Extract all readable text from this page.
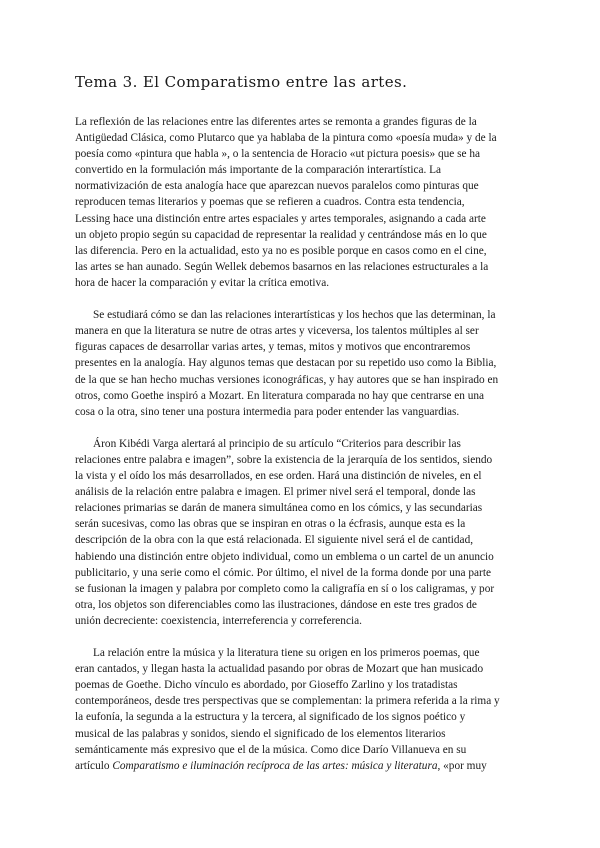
Tema 3. El Comparatismo entre las artes.

La reflexión de las relaciones entre las diferentes artes se remonta a grandes figuras de la
Antigüedad Clásica, como Plutarco que ya hablaba de la pintura como «poesía muda» y de la
poesía como «pintura que habla », o la sentencia de Horacio «ut pictura poesis» que se ha
convertido en la formulación más importante de la comparación interartística. La
normativización de esta analogía hace que aparezcan nuevos paralelos como pinturas que
reproducen temas literarios y poemas que se refieren a cuadros. Contra esta tendencia,
Lessing hace una distinción entre artes espaciales y artes temporales, asignando a cada arte
un objeto propio según su capacidad de representar la realidad y centrándose más en lo que
las diferencia. Pero en la actualidad, esto ya no es posible porque en casos como en el cine,
las artes se han aunado. Según Wellek debemos basarnos en las relaciones estructurales a la
hora de hacer la comparación y evitar la crítica emotiva.

Se estudiará cómo se dan las relaciones interartísticas y los hechos que las determinan, la
manera en que la literatura se nutre de otras artes y viceversa, los talentos múltiples al ser
figuras capaces de desarrollar varias artes, y temas, mitos y motivos que encontraremos
presentes en la analogía. Hay algunos temas que destacan por su repetido uso como la Biblia,
de la que se han hecho muchas versiones iconográficas, y hay autores que se han inspirado en
otros, como Goethe inspiró a Mozart. En literatura comparada no hay que centrarse en una
cosa o la otra, sino tener una postura intermedia para poder entender las vanguardias.

Áron Kibédi Varga alertará al principio de su artículo “Criterios para describir las
relaciones entre palabra e imagen”, sobre la existencia de la jerarquía de los sentidos, siendo
la vista y el oído los más desarrollados, en ese orden. Hará una distinción de niveles, en el
análisis de la relación entre palabra e imagen. El primer nivel será el temporal, donde las
relaciones primarias se darán de manera simultánea como en los cómics, y las secundarias
serán sucesivas, como las obras que se inspiran en otras o la écfrasis, aunque esta es la
descripción de la obra con la que está relacionada. El siguiente nivel será el de cantidad,
habiendo una distinción entre objeto individual, como un emblema o un cartel de un anuncio
publicitario, y una serie como el cómic. Por último, el nivel de la forma donde por una parte
se fusionan la imagen y palabra por completo como la caligrafía en sí o los caligramas, y por
otra, los objetos son diferenciables como las ilustraciones, dándose en este tres grados de
unión decreciente: coexistencia, interreferencia y correferencia.

La relación entre la música y la literatura tiene su origen en los primeros poemas, que
eran cantados, y llegan hasta la actualidad pasando por obras de Mozart que han musicado
poemas de Goethe. Dicho vínculo es abordado, por Gioseffo Zarlino y los tratadistas
contemporáneos, desde tres perspectivas que se complementan: la primera referida a la rima y
la eufonía, la segunda a la estructura y la tercera, al significado de los signos poético y
musical de las palabras y sonidos, siendo el significado de los elementos literarios
semánticamente más expresivo que el de la música. Como dice Darío Villanueva en su
artículo Comparatismo e iluminación recíproca de las artes: música y literatura, «por muy
